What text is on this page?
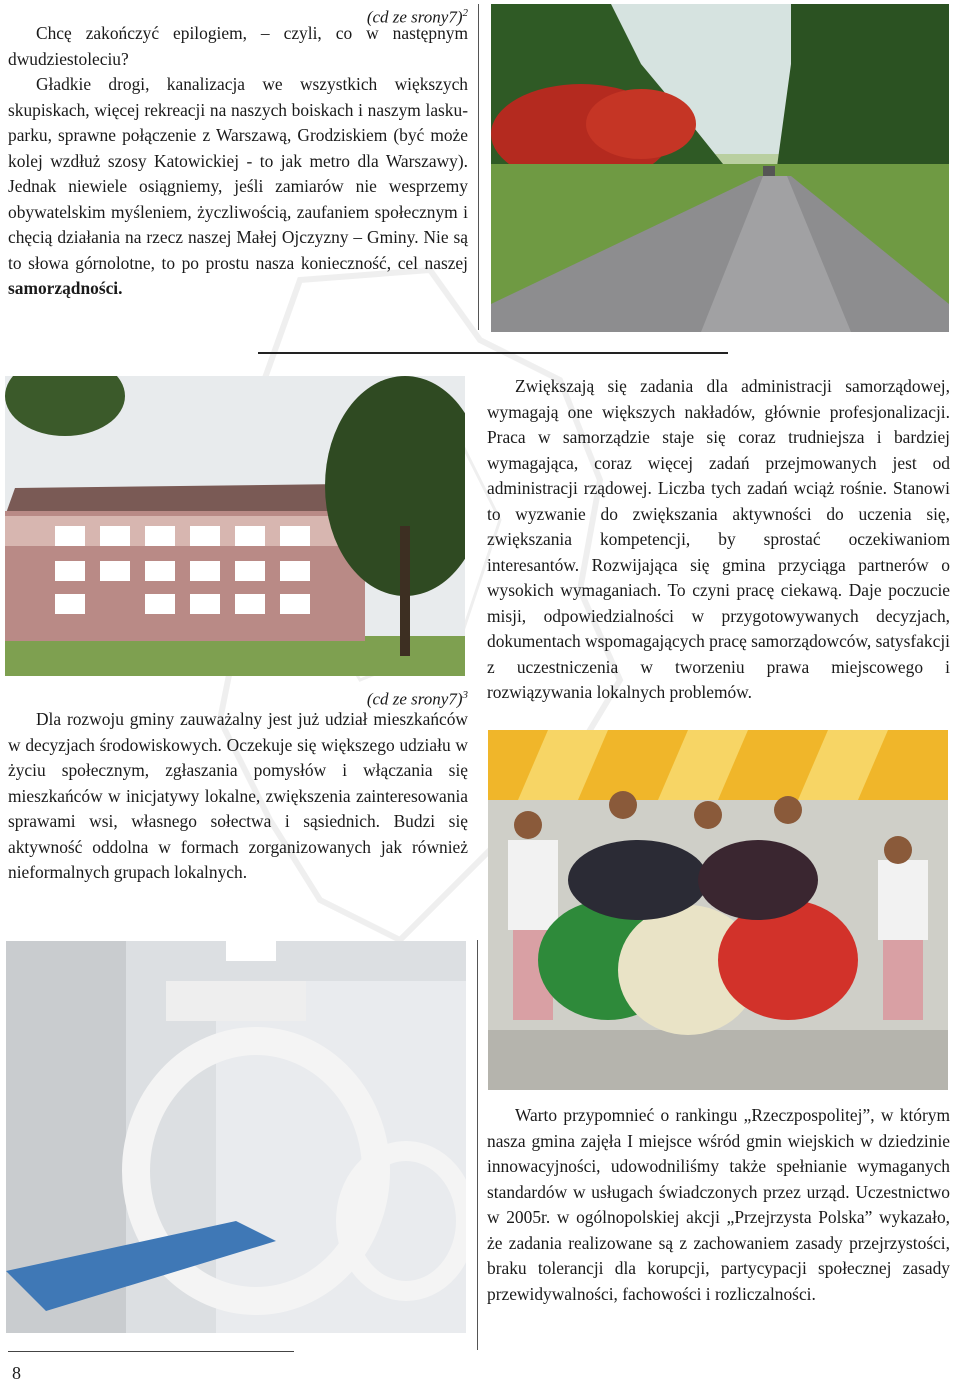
(cd ze srony7)$^2$

Chcę zakończyć epilogiem, – czyli, co w następnym dwudziestoleciu?

Gładkie drogi, kanalizacja we wszystkich większych skupiskach, więcej rekreacji na naszych boiskach i naszym lasku-parku, sprawne połączenie z Warszawą, Grodziskiem (być może kolej wzdłuż szosy Katowickiej - to jak metro dla Warszawy). Jednak niewiele osiągniemy, jeśli zamiarów nie wesprzemy obywatelskim myśleniem, życzliwością, zaufaniem społecznym i chęcią działania na rzecz naszej Małej Ojczyzny – Gminy. Nie są to słowa górnolotne, to po prostu nasza konieczność, cel naszej samorządności.

Zwiększają się zadania dla administracji samorządowej, wymagają one większych nakładów, głównie profesjonalizacji. Praca w samorządzie staje się coraz trudniejsza i bardziej wymagająca, coraz więcej zadań przejmowanych jest od administracji rządowej. Liczba tych zadań wciąż rośnie. Stanowi to wyzwanie do zwiększania aktywności do uczenia się, zwiększania kompetencji, by sprostać oczekiwaniom interesantów. Rozwijająca się gmina przyciąga partnerów o wysokich wymaganiach. To czyni pracę ciekawą. Daje poczucie misji, odpowiedzialności w przygotowywanych decyzjach, dokumentach wspomagających pracę samorządowców, satysfakcji z uczestniczenia w tworzeniu prawa miejscowego i rozwiązywania lokalnych problemów.

(cd ze srony7)$^3$

Dla rozwoju gminy zauważalny jest już udział mieszkańców w decyzjach środowiskowych. Oczekuje się większego udziału w życiu społecznym, zgłaszania pomysłów i włączania się mieszkańców w inicjatywy lokalne, zwiększenia zainteresowania sprawami wsi, własnego sołectwa i sąsiednich. Budzi się aktywność oddolna w formach zorganizowanych jak również nieformalnych grupach lokalnych.

Warto przypomnieć o rankingu „Rzeczpospolitej”, w którym nasza gmina zajęła I miejsce wśród gmin wiejskich w dziedzinie innowacyjności, udowodniliśmy także spełnianie wymaganych standardów w usługach świadczonych przez urząd. Uczestnictwo w 2005r. w ogólnopolskiej akcji „Przejrzysta Polska” wykazało, że zadania realizowane są z zachowaniem zasady przejrzystości, braku tolerancji dla korupcji, partycypacji społecznej zasady przewidywalności, fachowości i rozliczalności.

8
